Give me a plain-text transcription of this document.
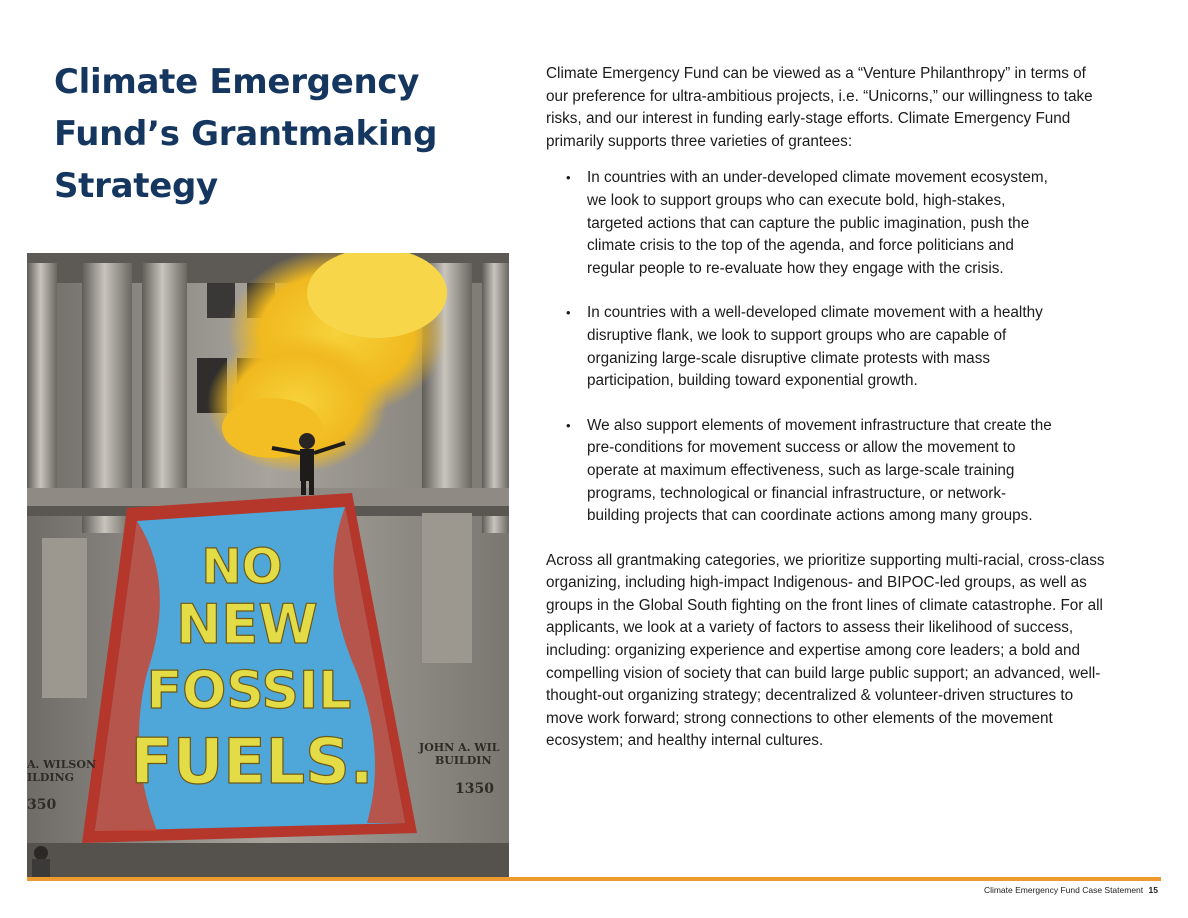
Climate Emergency Fund’s Grantmaking Strategy
NO
NEW
FOSSIL
FUELS.
A. WILSON
ILDING
350
JOHN A. WIL
BUILDIN
1350

Climate Emergency Fund can be viewed as a “Venture Philanthropy” in terms of our preference for ultra-ambitious projects, i.e. “Unicorns,” our willingness to take risks, and our interest in funding early-stage efforts. Climate Emergency Fund primarily supports three varieties of grantees:

• In countries with an under-developed climate movement ecosystem, we look to support groups who can execute bold, high-stakes, targeted actions that can capture the public imagination, push the climate crisis to the top of the agenda, and force politicians and regular people to re-evaluate how they engage with the crisis.
• In countries with a well-developed climate movement with a healthy disruptive flank, we look to support groups who are capable of organizing large-scale disruptive climate protests with mass participation, building toward exponential growth.
• We also support elements of movement infrastructure that create the pre-conditions for movement success or allow the movement to operate at maximum effectiveness, such as large-scale training programs, technological or financial infrastructure, or network-building projects that can coordinate actions among many groups.

Across all grantmaking categories, we prioritize supporting multi-racial, cross-class organizing, including high-impact Indigenous- and BIPOC-led groups, as well as groups in the Global South fighting on the front lines of climate catastrophe. For all applicants, we look at a variety of factors to assess their likelihood of success, including: organizing experience and expertise among core leaders; a bold and compelling vision of society that can build large public support; an advanced, well-thought-out organizing strategy; decentralized & volunteer-driven structures to move work forward; strong connections to other elements of the movement ecosystem; and healthy internal cultures.

Climate Emergency Fund Case Statement 15
